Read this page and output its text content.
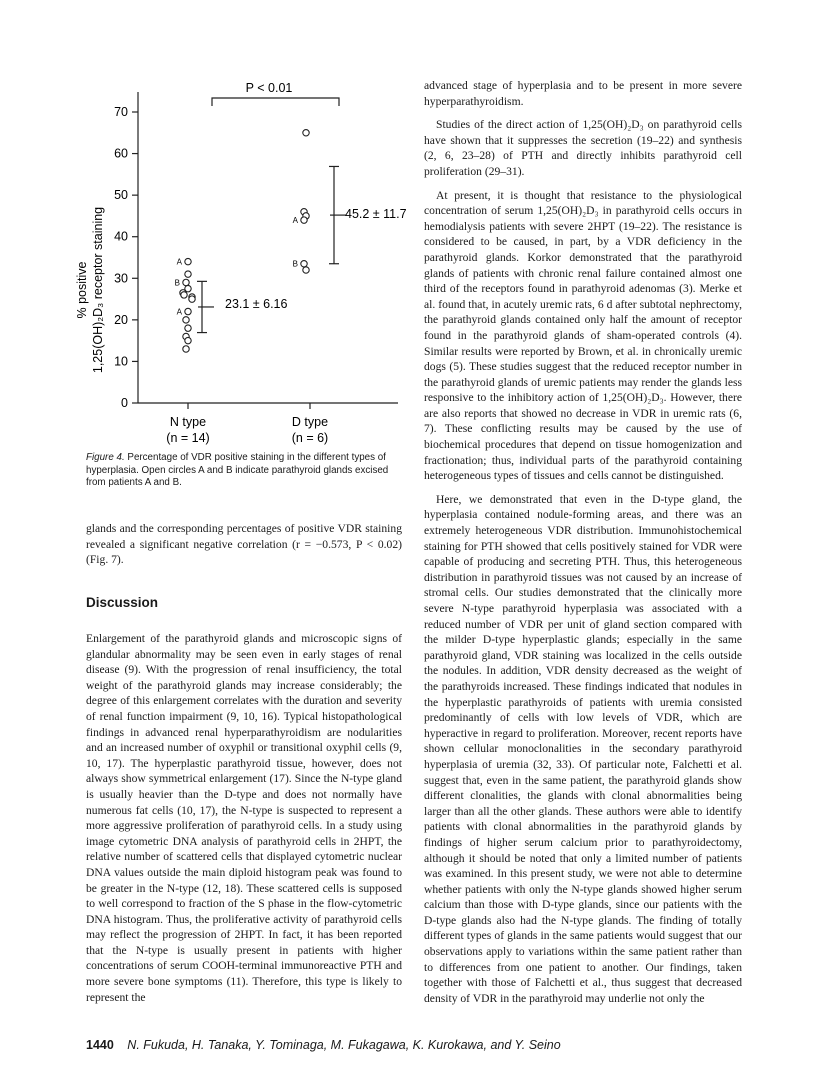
% positive 1,25(OH)₂D₃ receptor staining
0
10
20
30
40
50
60
70
P < 0.01
A
B
A
A
B
23.1 ± 6.16
45.2 ± 11.7
N type
(n = 14)
D type
(n = 6)
Figure 4. Percentage of VDR positive staining in the different types of hyperplasia. Open circles A and B indicate parathyroid glands excised from patients A and B.

glands and the corresponding percentages of positive VDR staining revealed a significant negative correlation (r = −0.573, P < 0.02) (Fig. 7).

Discussion

Enlargement of the parathyroid glands and microscopic signs of glandular abnormality may be seen even in early stages of renal disease (9). With the progression of renal insufficiency, the total weight of the parathyroid glands may increase considerably; the degree of this enlargement correlates with the duration and severity of renal function impairment (9, 10, 16). Typical histopathological findings in advanced renal hyperparathyroidism are nodularities and an increased number of oxyphil or transitional oxyphil cells (9, 10, 17). The hyperplastic parathyroid tissue, however, does not always show symmetrical enlargement (17). Since the N-type gland is usually heavier than the D-type and does not normally have numerous fat cells (10, 17), the N-type is suspected to represent a more aggressive proliferation of parathyroid cells. In a study using image cytometric DNA analysis of parathyroid cells in 2HPT, the relative number of scattered cells that displayed cytometric nuclear DNA values outside the main diploid histogram peak was found to be greater in the N-type (12, 18). These scattered cells is supposed to well correspond to fraction of the S phase in the flow-cytometric DNA histogram. Thus, the proliferative activity of parathyroid cells may reflect the progression of 2HPT. In fact, it has been reported that the N-type is usually present in patients with higher concentrations of serum COOH-terminal immunoreactive PTH and more severe bone symptoms (11). Therefore, this type is likely to represent the

advanced stage of hyperplasia and to be present in more severe hyperparathyroidism.

Studies of the direct action of 1,25(OH)₂D₃ on parathyroid cells have shown that it suppresses the secretion (19–22) and synthesis (2, 6, 23–28) of PTH and directly inhibits parathyroid cell proliferation (29–31).

At present, it is thought that resistance to the physiological concentration of serum 1,25(OH)₂D₃ in parathyroid cells occurs in hemodialysis patients with severe 2HPT (19–22). The resistance is considered to be caused, in part, by a VDR deficiency in the parathyroid glands. Korkor demonstrated that the parathyroid glands of patients with chronic renal failure contained almost one third of the receptors found in parathyroid adenomas (3). Merke et al. found that, in acutely uremic rats, 6 d after subtotal nephrectomy, the parathyroid glands contained only half the amount of receptor found in the parathyroid glands of sham-operated controls (4). Similar results were reported by Brown, et al. in chronically uremic dogs (5). These studies suggest that the reduced receptor number in the parathyroid glands of uremic patients may render the glands less responsive to the inhibitory action of 1,25(OH)₂D₃. However, there are also reports that showed no decrease in VDR in uremic rats (6, 7). These conflicting results may be caused by the use of biochemical procedures that depend on tissue homogenization and fractionation; thus, individual parts of the parathyroid containing heterogeneous types of tissues and cells cannot be distinguished.

Here, we demonstrated that even in the D-type gland, the hyperplasia contained nodule-forming areas, and there was an extremely heterogeneous VDR distribution. Immunohistochemical staining for PTH showed that cells positively stained for VDR were capable of producing and secreting PTH. Thus, this heterogeneous distribution in parathyroid tissues was not caused by an increase of stromal cells. Our studies demonstrated that the clinically more severe N-type parathyroid hyperplasia was associated with a reduced number of VDR per unit of gland section compared with the milder D-type hyperplastic glands; especially in the same parathyroid gland, VDR staining was localized in the cells outside the nodules. In addition, VDR density decreased as the weight of the parathyroids increased. These findings indicated that nodules in the hyperplastic parathyroids of patients with uremia consisted predominantly of cells with low levels of VDR, which are hyperactive in regard to proliferation. Moreover, recent reports have shown cellular monoclonalities in the secondary parathyroid hyperplasia of uremia (32, 33). Of particular note, Falchetti et al. suggest that, even in the same patient, the parathyroid glands show different clonalities, the glands with clonal abnormalities being larger than all the other glands. These authors were able to identify patients with clonal abnormalities in the parathyroid glands by findings of higher serum calcium prior to parathyroidectomy, although it should be noted that only a limited number of patients was examined. In this present study, we were not able to determine whether patients with only the N-type glands showed higher serum calcium than those with D-type glands, since our patients with the D-type glands also had the N-type glands. The finding of totally different types of glands in the same patients would suggest that our observations apply to variations within the same patient rather than to differences from one patient to another. Our findings, taken together with those of Falchetti et al., thus suggest that decreased density of VDR in the parathyroid may underlie not only the

1440 N. Fukuda, H. Tanaka, Y. Tominaga, M. Fukagawa, K. Kurokawa, and Y. Seino
